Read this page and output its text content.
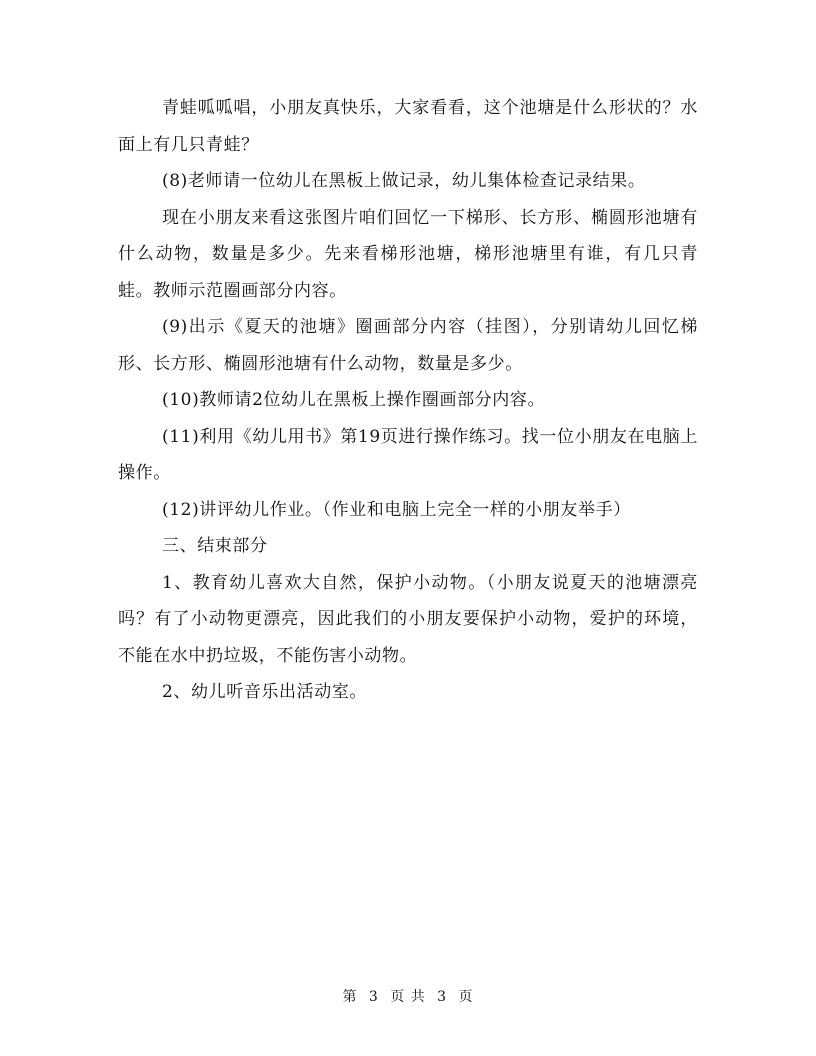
青蛙呱呱唱，小朋友真快乐，大家看看，这个池塘是什么形状的？水面上有几只青蛙？

(8)老师请一位幼儿在黑板上做记录，幼儿集体检查记录结果。

现在小朋友来看这张图片咱们回忆一下梯形、长方形、椭圆形池塘有什么动物，数量是多少。先来看梯形池塘，梯形池塘里有谁，有几只青蛙。教师示范圈画部分内容。

(9)出示《夏天的池塘》圈画部分内容（挂图），分别请幼儿回忆梯形、长方形、椭圆形池塘有什么动物，数量是多少。

(10)教师请2位幼儿在黑板上操作圈画部分内容。

(11)利用《幼儿用书》第19页进行操作练习。找一位小朋友在电脑上操作。

(12)讲评幼儿作业。（作业和电脑上完全一样的小朋友举手）

三、结束部分

1、教育幼儿喜欢大自然，保护小动物。（小朋友说夏天的池塘漂亮吗？有了小动物更漂亮，因此我们的小朋友要保护小动物，爱护的环境，不能在水中扔垃圾，不能伤害小动物。

2、幼儿听音乐出活动室。

第 3 页 共 3 页
